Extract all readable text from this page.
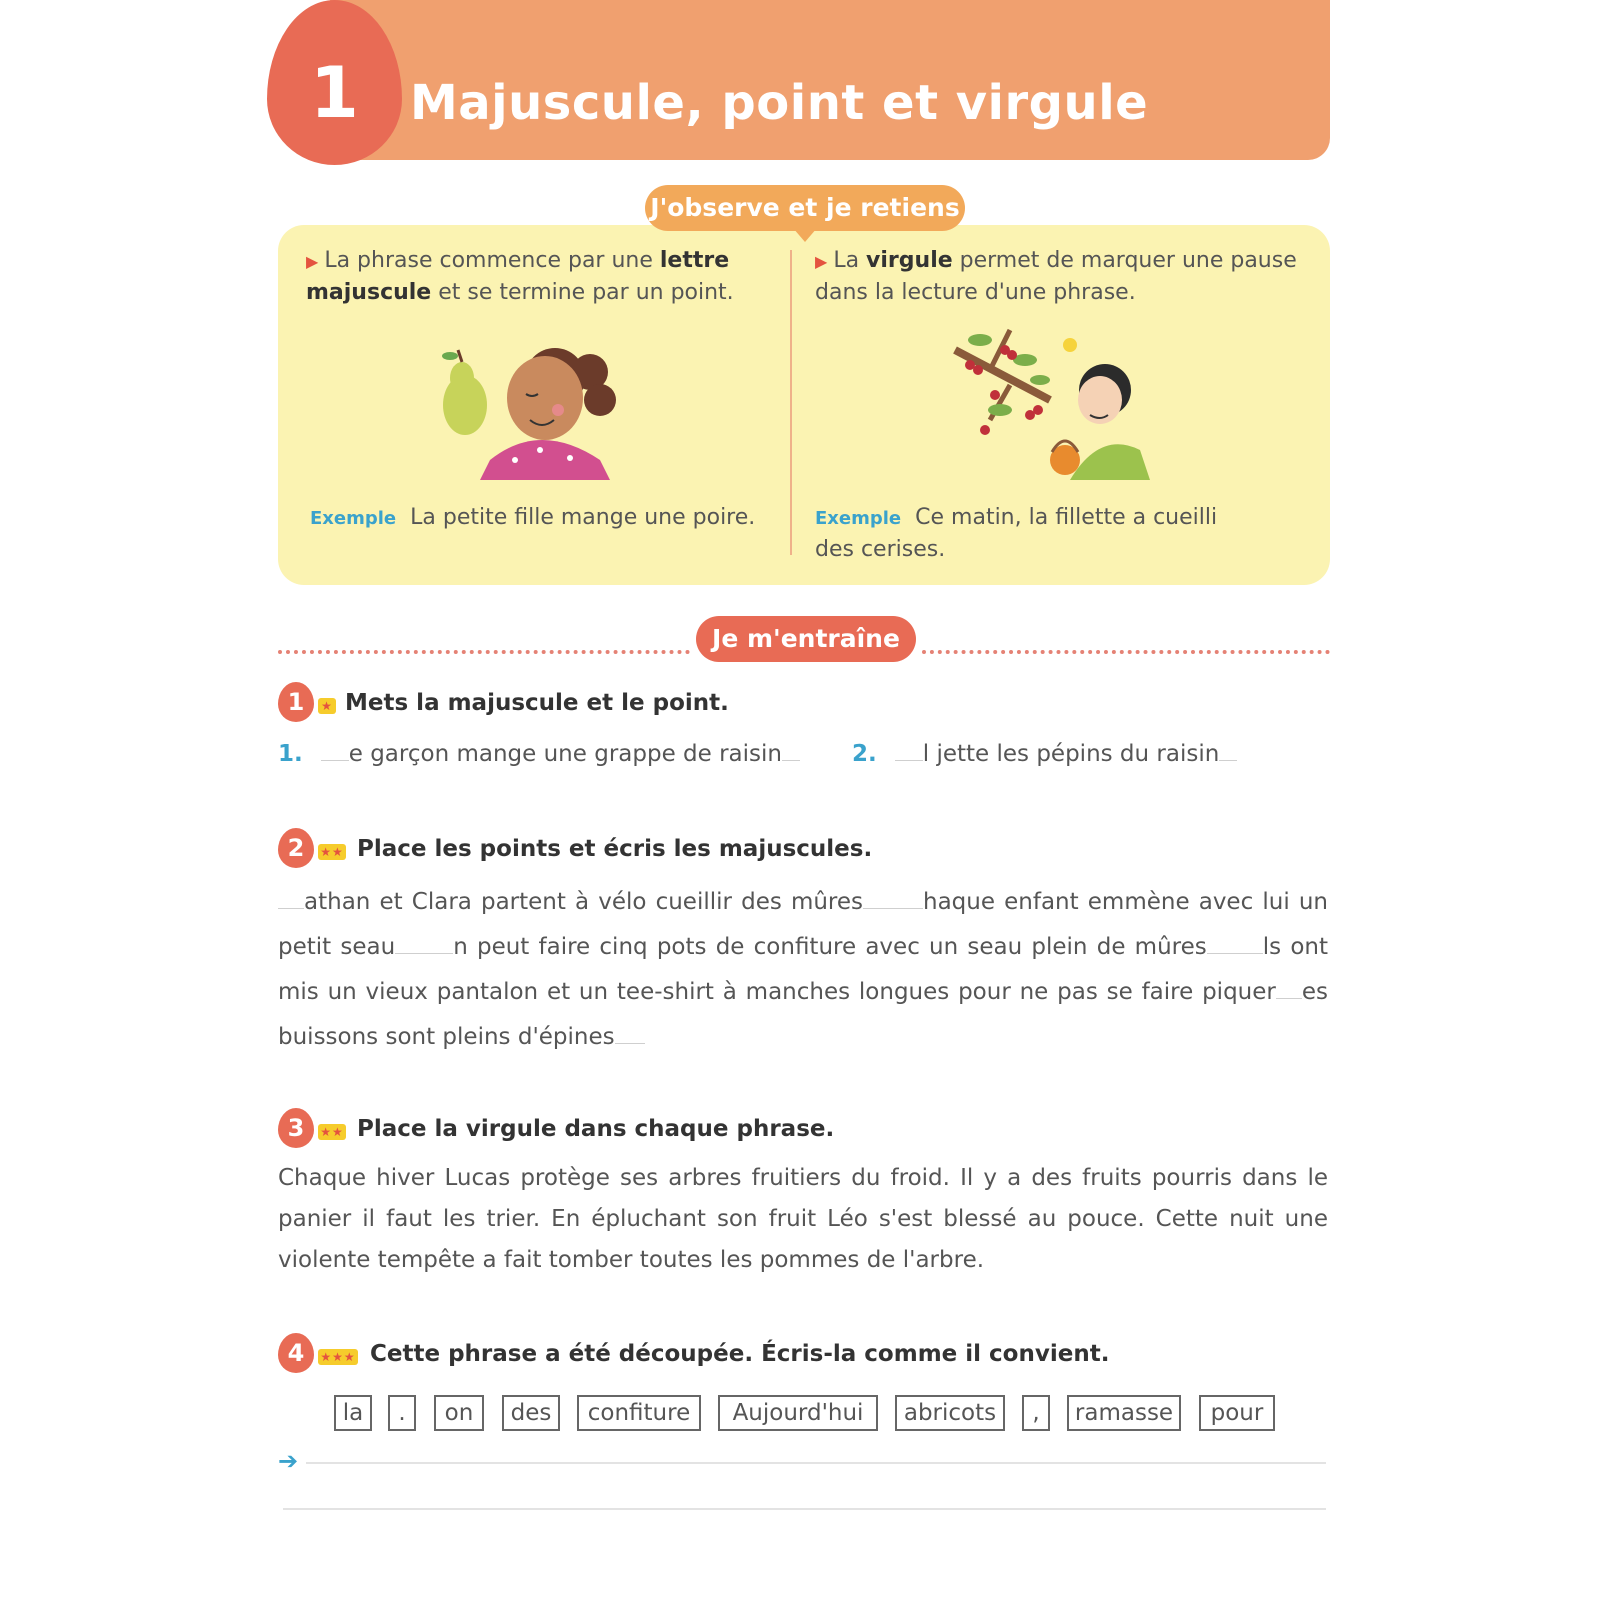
1	Majuscule, point et virgule
J'observe et je retiens
▶ La phrase commence par une lettre majuscule et se termine par un point.
▶ La virgule permet de marquer une pause dans la lecture d'une phrase.
Exemple La petite fille mange une poire.	Exemple Ce matin, la fillette a cueilli des cerises.
Je m'entraîne
1	★ Mets la majuscule et le point.
1. e garçon mange une grappe de raisin	2. l jette les pépins du raisin
2	★★ Place les points et écris les majuscules.
athan et Clara partent à vélo cueillir des mûres	haque enfant emmène avec lui un petit seau	n peut faire cinq pots de confiture avec un seau plein de mûres ls ont mis un vieux pantalon et un tee-shirt à manches longues pour ne pas se faire piquer es buissons sont pleins d'épines
3	★★ Place la virgule dans chaque phrase.
Chaque hiver Lucas protège ses arbres fruitiers du froid. Il y a des fruits pourris dans le panier il faut les trier. En épluchant son fruit Léo s'est blessé au pouce. Cette nuit une violente tempête a fait tomber toutes les pommes de l'arbre.
4	★★★ Cette phrase a été découpée. Écris-la comme il convient.
la	.	on	des	confiture	Aujourd'hui	abricots	,	ramasse	pour
➔
